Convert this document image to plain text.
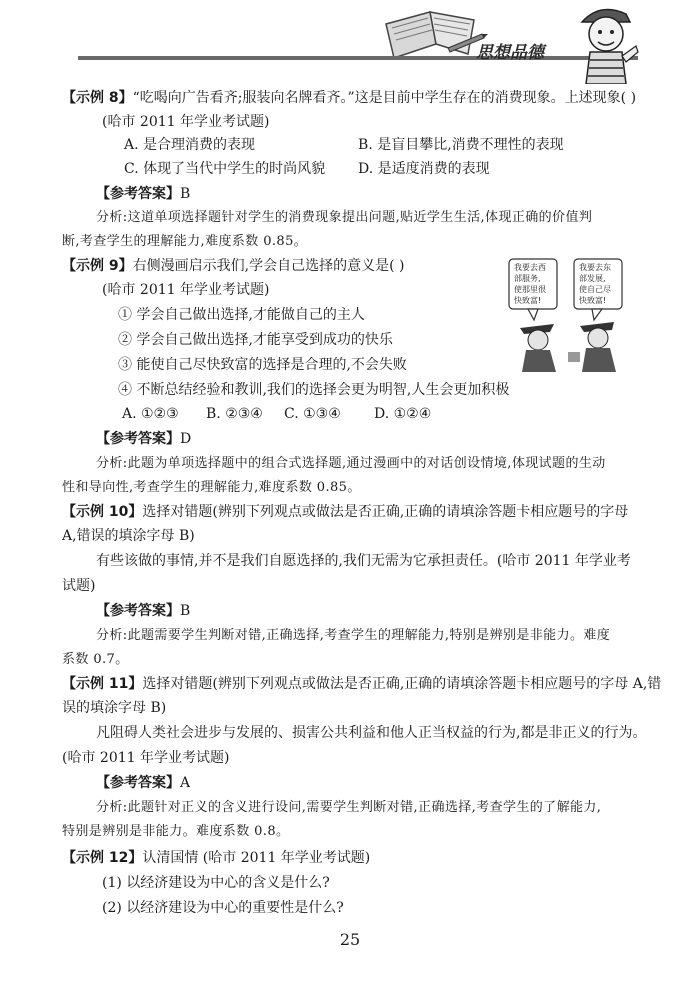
思想品德
【示例 8】“吃喝向广告看齐;服装向名牌看齐。”这是目前中学生存在的消费现象。上述现象( )
(哈市 2011 年学业考试题)
A. 是合理消费的表现	B. 是盲目攀比,消费不理性的表现
C. 体现了当代中学生的时尚风貌 D. 是适度消费的表现
【参考答案】B
分析:这道单项选择题针对学生的消费现象提出问题,贴近学生生活,体现正确的价值判
断,考查学生的理解能力,难度系数 0.85。
【示例 9】右侧漫画启示我们,学会自己选择的意义是( )
(哈市 2011 年学业考试题)
① 学会自己做出选择,才能做自己的主人
② 学会自己做出选择,才能享受到成功的快乐
③ 能使自己尽快致富的选择是合理的,不会失败
④ 不断总结经验和教训,我们的选择会更为明智,人生会更加积极
A. ①②③ B. ②③④ C. ①③④ D. ①②④
我要去西
部服务,
使那里很
快致富!
我要去东
部发展,
使自己尽
快致富!
【参考答案】D
分析:此题为单项选择题中的组合式选择题,通过漫画中的对话创设情境,体现试题的生动
性和导向性,考查学生的理解能力,难度系数 0.85。
【示例 10】选择对错题(辨别下列观点或做法是否正确,正确的请填涂答题卡相应题号的字母
A,错误的填涂字母 B)
有些该做的事情,并不是我们自愿选择的,我们无需为它承担责任。(哈市 2011 年学业考
试题)
【参考答案】B
分析:此题需要学生判断对错,正确选择,考查学生的理解能力,特别是辨别是非能力。难度
系数 0.7。
【示例 11】选择对错题(辨别下列观点或做法是否正确,正确的请填涂答题卡相应题号的字母 A,错
误的填涂字母 B)
凡阻碍人类社会进步与发展的、损害公共利益和他人正当权益的行为,都是非正义的行为。
(哈市 2011 年学业考试题)
【参考答案】A
分析:此题针对正义的含义进行设问,需要学生判断对错,正确选择,考查学生的了解能力,
特别是辨别是非能力。难度系数 0.8。
【示例 12】认清国情 (哈市 2011 年学业考试题)
(1) 以经济建设为中心的含义是什么?
(2) 以经济建设为中心的重要性是什么?
25
